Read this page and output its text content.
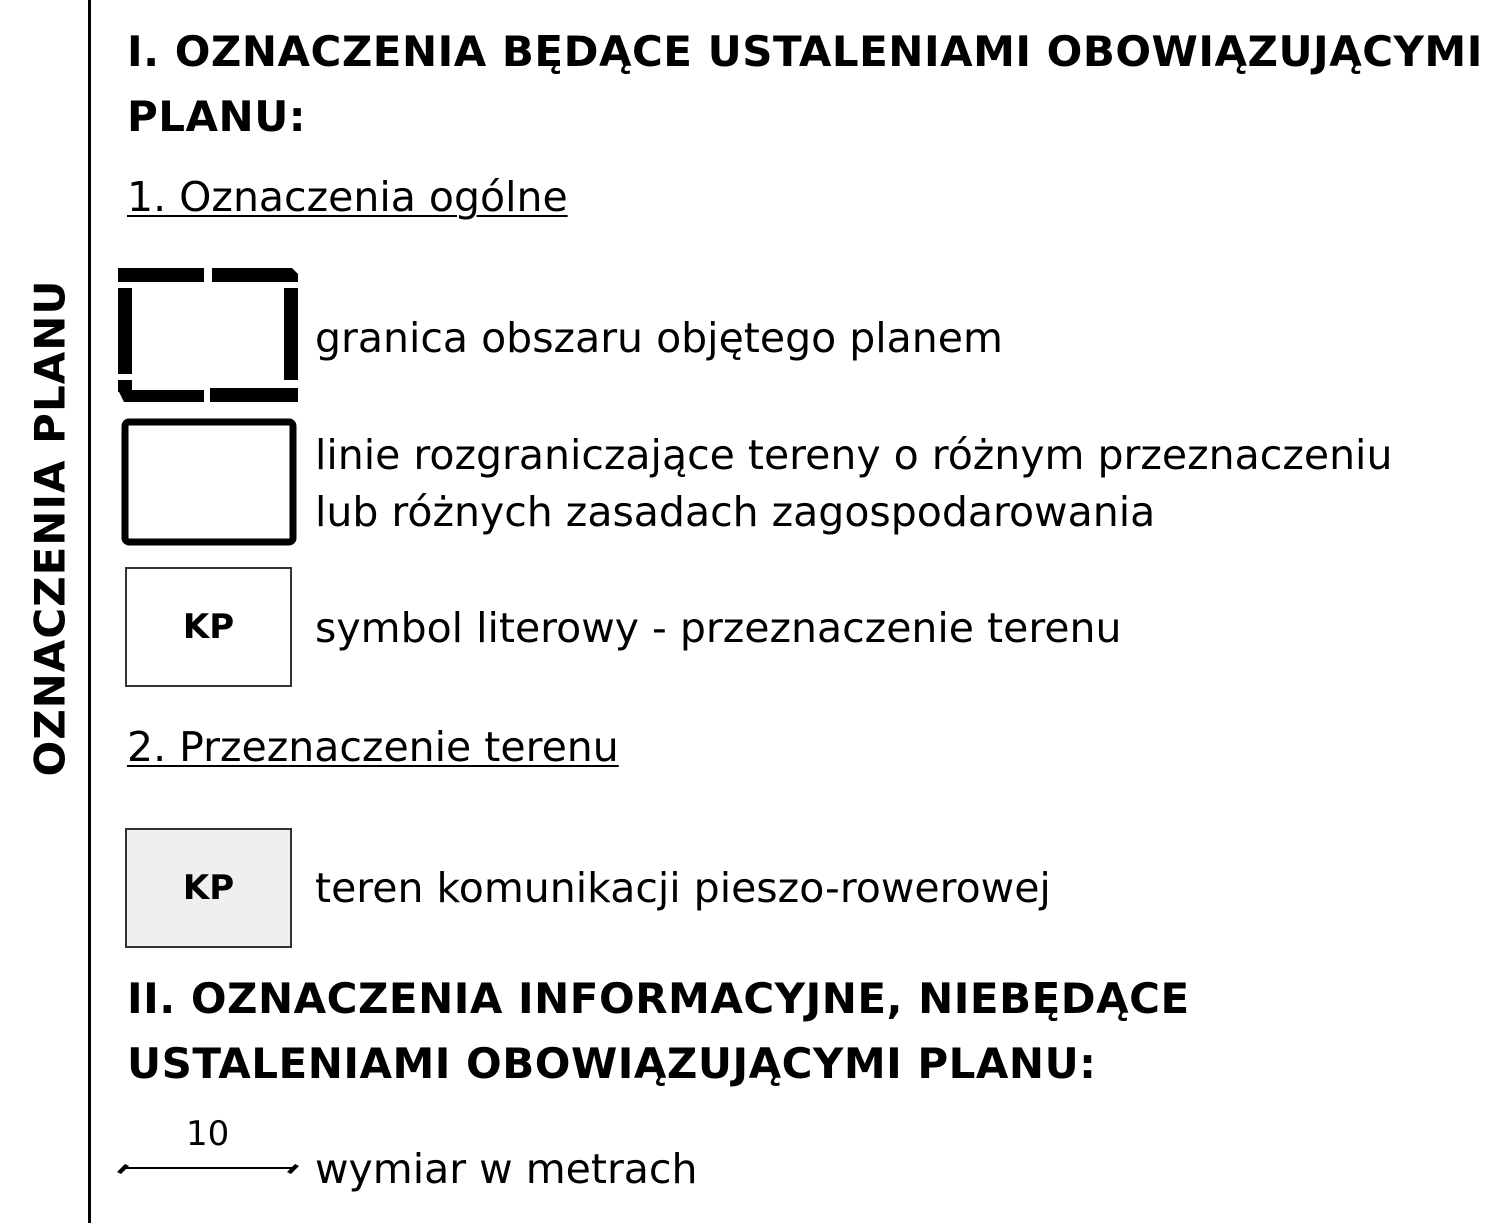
OZNACZENIA PLANU
I. OZNACZENIA BĘDĄCE USTALENIAMI OBOWIĄZUJĄCYMI
PLANU:
1. Oznaczenia ogólne
granica obszaru objętego planem
linie rozgraniczające tereny o różnym przeznaczeniu
lub różnych zasadach zagospodarowania
KP	symbol literowy - przeznaczenie terenu
2. Przeznaczenie terenu
KP	teren komunikacji pieszo-rowerowej
II. OZNACZENIA INFORMACYJNE, NIEBĘDĄCE
USTALENIAMI OBOWIĄZUJĄCYMI PLANU:
10
wymiar w metrach
